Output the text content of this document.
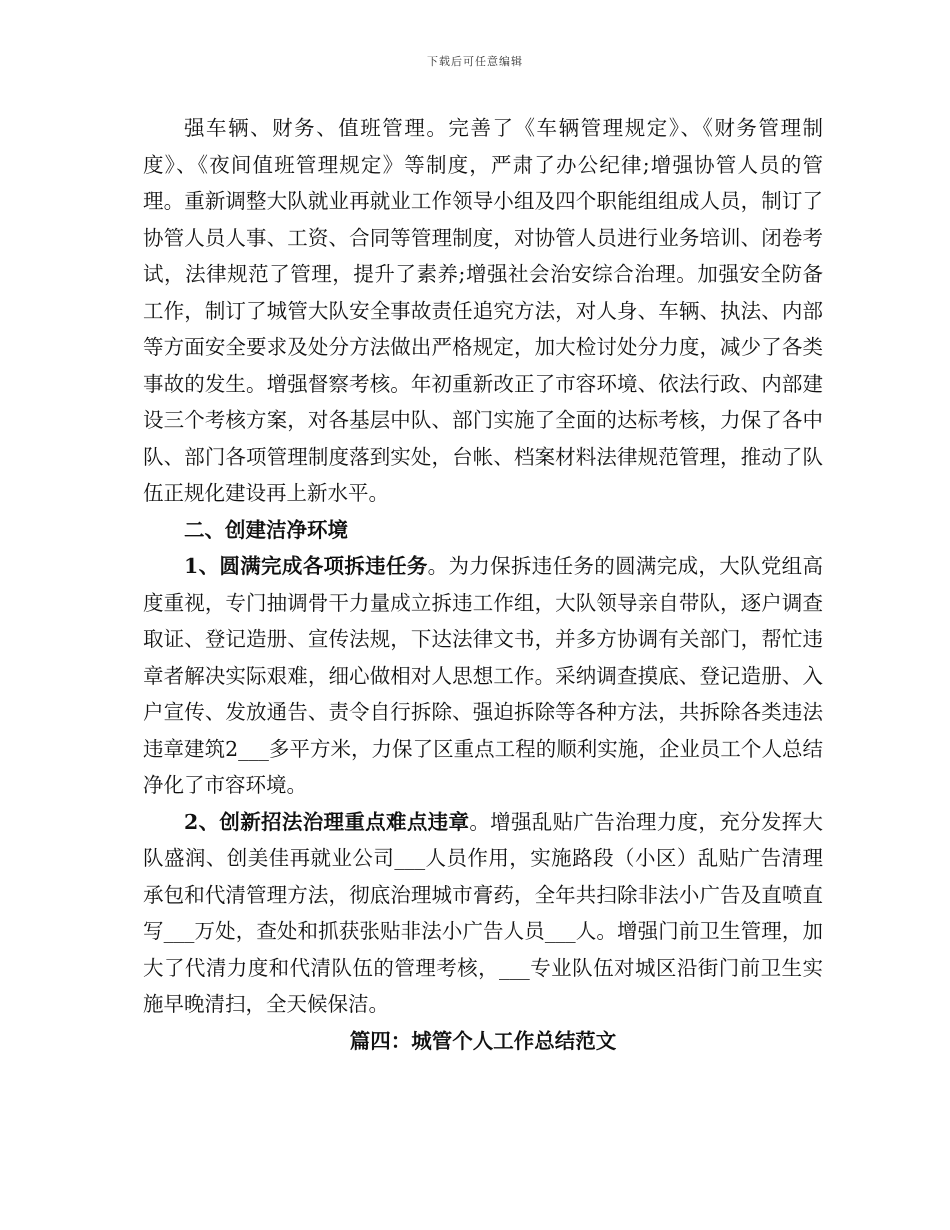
下载后可任意编辑

强车辆、财务、值班管理。完善了《车辆管理规定》、《财务管理制度》、《夜间值班管理规定》等制度，严肃了办公纪律;增强协管人员的管理。重新调整大队就业再就业工作领导小组及四个职能组组成人员，制订了协管人员人事、工资、合同等管理制度，对协管人员进行业务培训、闭卷考试，法律规范了管理，提升了素养;增强社会治安综合治理。加强安全防备工作，制订了城管大队安全事故责任追究方法，对人身、车辆、执法、内部等方面安全要求及处分方法做出严格规定，加大检讨处分力度，减少了各类事故的发生。增强督察考核。年初重新改正了市容环境、依法行政、内部建设三个考核方案，对各基层中队、部门实施了全面的达标考核，力保了各中队、部门各项管理制度落到实处，台帐、档案材料法律规范管理，推动了队伍正规化建设再上新水平。

二、创建洁净环境

1、圆满完成各项拆违任务。为力保拆违任务的圆满完成，大队党组高度重视，专门抽调骨干力量成立拆违工作组，大队领导亲自带队，逐户调查取证、登记造册、宣传法规，下达法律文书，并多方协调有关部门，帮忙违章者解决实际艰难，细心做相对人思想工作。采纳调查摸底、登记造册、入户宣传、发放通告、责令自行拆除、强迫拆除等各种方法，共拆除各类违法违章建筑2___多平方米，力保了区重点工程的顺利实施，企业员工个人总结净化了市容环境。

2、创新招法治理重点难点违章。增强乱贴广告治理力度，充分发挥大队盛润、创美佳再就业公司___人员作用，实施路段（小区）乱贴广告清理承包和代清管理方法，彻底治理城市膏药，全年共扫除非法小广告及直喷直写___万处，查处和抓获张贴非法小广告人员___人。增强门前卫生管理，加大了代清力度和代清队伍的管理考核，___专业队伍对城区沿街门前卫生实施早晚清扫，全天候保洁。

篇四：城管个人工作总结范文
